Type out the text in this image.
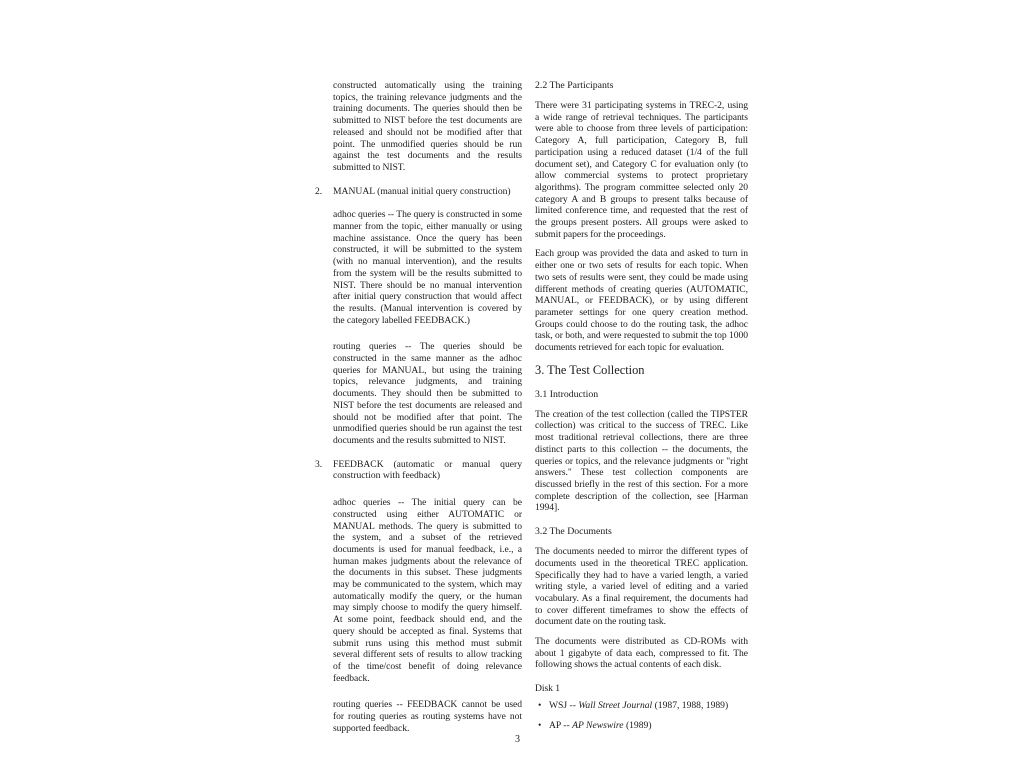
constructed automatically using the training topics, the training relevance judgments and the training documents. The queries should then be submitted to NIST before the test documents are released and should not be modified after that point. The unmodified queries should be run against the test documents and the results submitted to NIST.

2. MANUAL (manual initial query construction)

adhoc queries -- The query is constructed in some manner from the topic, either manually or using machine assistance. Once the query has been constructed, it will be submitted to the system (with no manual intervention), and the results from the system will be the results submitted to NIST. There should be no manual intervention after initial query construction that would affect the results. (Manual intervention is covered by the category labelled FEEDBACK.)

routing queries -- The queries should be constructed in the same manner as the adhoc queries for MANUAL, but using the training topics, relevance judgments, and training documents. They should then be submitted to NIST before the test documents are released and should not be modified after that point. The unmodified queries should be run against the test documents and the results submitted to NIST.

3. FEEDBACK (automatic or manual query construction with feedback)

adhoc queries -- The initial query can be constructed using either AUTOMATIC or MANUAL methods. The query is submitted to the system, and a subset of the retrieved documents is used for manual feedback, i.e., a human makes judgments about the relevance of the documents in this subset. These judgments may be communicated to the system, which may automatically modify the query, or the human may simply choose to modify the query himself. At some point, feedback should end, and the query should be accepted as final. Systems that submit runs using this method must submit several different sets of results to allow tracking of the time/cost benefit of doing relevance feedback.

routing queries -- FEEDBACK cannot be used for routing queries as routing systems have not supported feedback.

2.2 The Participants

There were 31 participating systems in TREC-2, using a wide range of retrieval techniques. The participants were able to choose from three levels of participation: Category A, full participation, Category B, full participation using a reduced dataset (1/4 of the full document set), and Category C for evaluation only (to allow commercial systems to protect proprietary algorithms). The program committee selected only 20 category A and B groups to present talks because of limited conference time, and requested that the rest of the groups present posters. All groups were asked to submit papers for the proceedings.

Each group was provided the data and asked to turn in either one or two sets of results for each topic. When two sets of results were sent, they could be made using different methods of creating queries (AUTOMATIC, MANUAL, or FEEDBACK), or by using different parameter settings for one query creation method. Groups could choose to do the routing task, the adhoc task, or both, and were requested to submit the top 1000 documents retrieved for each topic for evaluation.

3. The Test Collection
3.1 Introduction

The creation of the test collection (called the TIPSTER collection) was critical to the success of TREC. Like most traditional retrieval collections, there are three distinct parts to this collection -- the documents, the queries or topics, and the relevance judgments or "right answers." These test collection components are discussed briefly in the rest of this section. For a more complete description of the collection, see [Harman 1994].

3.2 The Documents

The documents needed to mirror the different types of documents used in the theoretical TREC application. Specifically they had to have a varied length, a varied writing style, a varied level of editing and a varied vocabulary. As a final requirement, the documents had to cover different timeframes to show the effects of document date on the routing task.

The documents were distributed as CD-ROMs with about 1 gigabyte of data each, compressed to fit. The following shows the actual contents of each disk.

Disk 1
• WSJ -- Wall Street Journal (1987, 1988, 1989)
• AP -- AP Newswire (1989)
3
